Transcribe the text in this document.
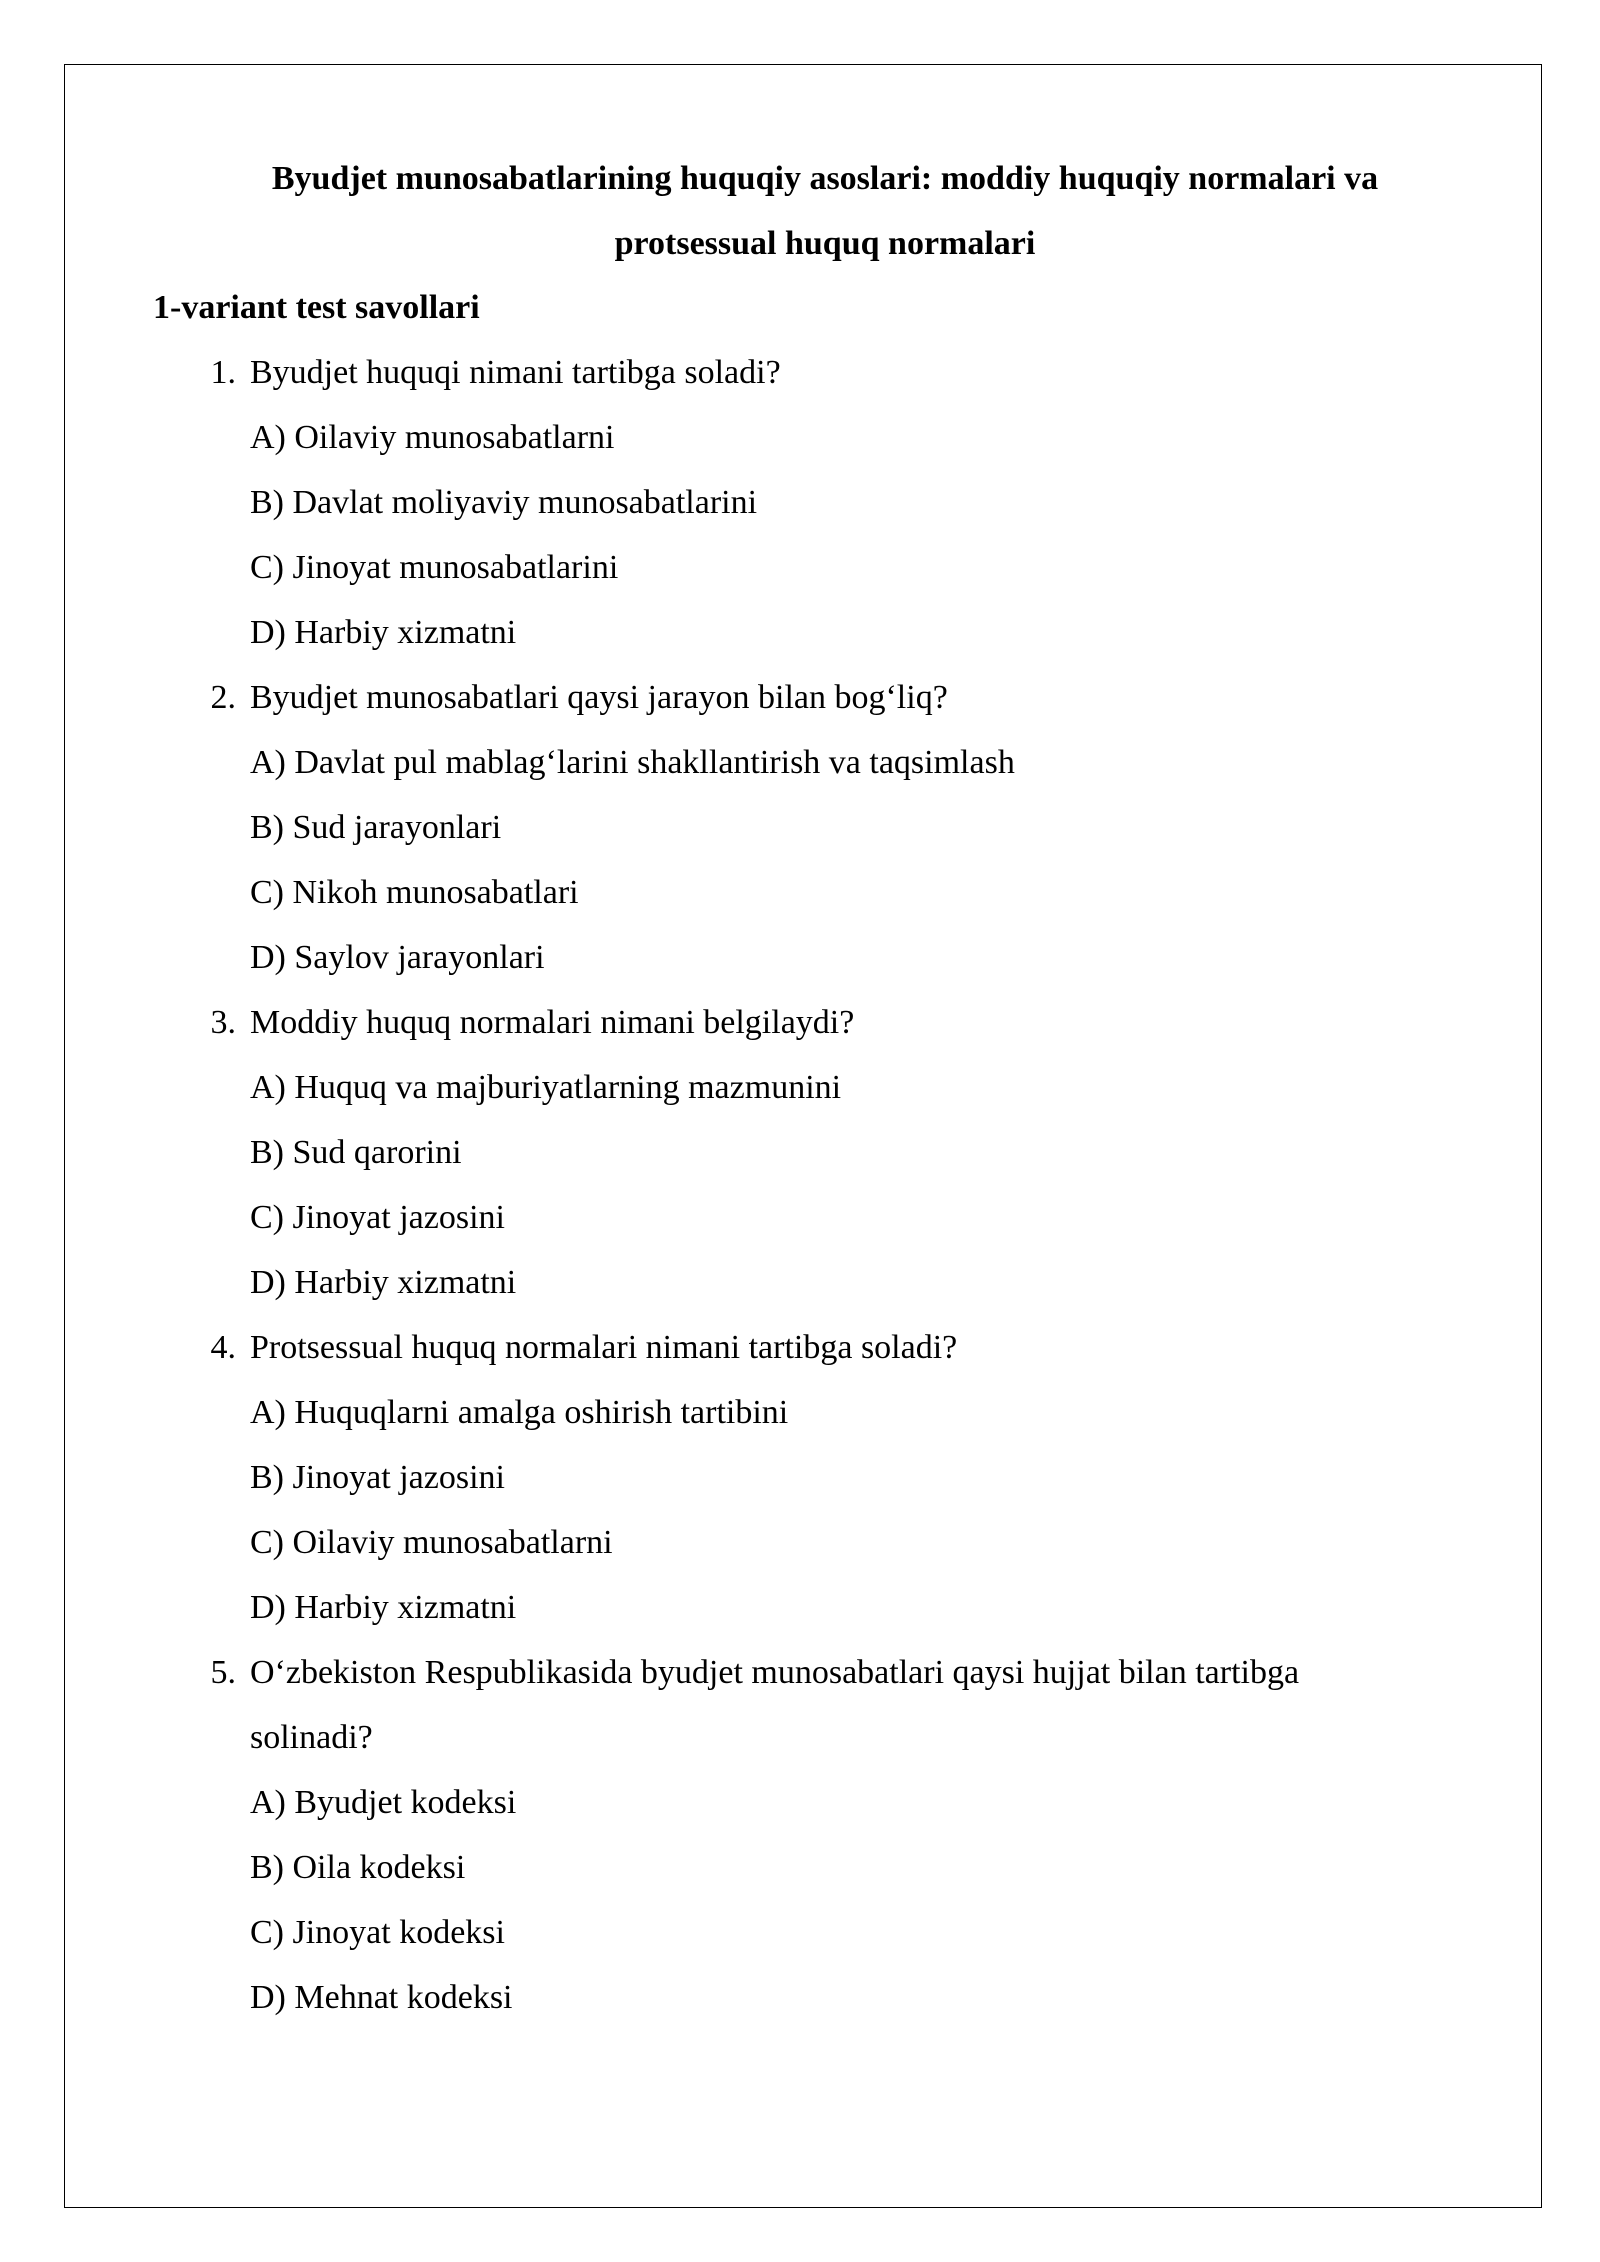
Byudjet munosabatlarining huquqiy asoslari: moddiy huquqiy normalari va
protsessual huquq normalari
1-variant test savollari
1. Byudjet huquqi nimani tartibga soladi?
A) Oilaviy munosabatlarni
B) Davlat moliyaviy munosabatlarini
C) Jinoyat munosabatlarini
D) Harbiy xizmatni
2. Byudjet munosabatlari qaysi jarayon bilan bog‘liq?
A) Davlat pul mablag‘larini shakllantirish va taqsimlash
B) Sud jarayonlari
C) Nikoh munosabatlari
D) Saylov jarayonlari
3. Moddiy huquq normalari nimani belgilaydi?
A) Huquq va majburiyatlarning mazmunini
B) Sud qarorini
C) Jinoyat jazosini
D) Harbiy xizmatni
4. Protsessual huquq normalari nimani tartibga soladi?
A) Huquqlarni amalga oshirish tartibini
B) Jinoyat jazosini
C) Oilaviy munosabatlarni
D) Harbiy xizmatni
5. O‘zbekiston Respublikasida byudjet munosabatlari qaysi hujjat bilan tartibga solinadi?
A) Byudjet kodeksi
B) Oila kodeksi
C) Jinoyat kodeksi
D) Mehnat kodeksi
